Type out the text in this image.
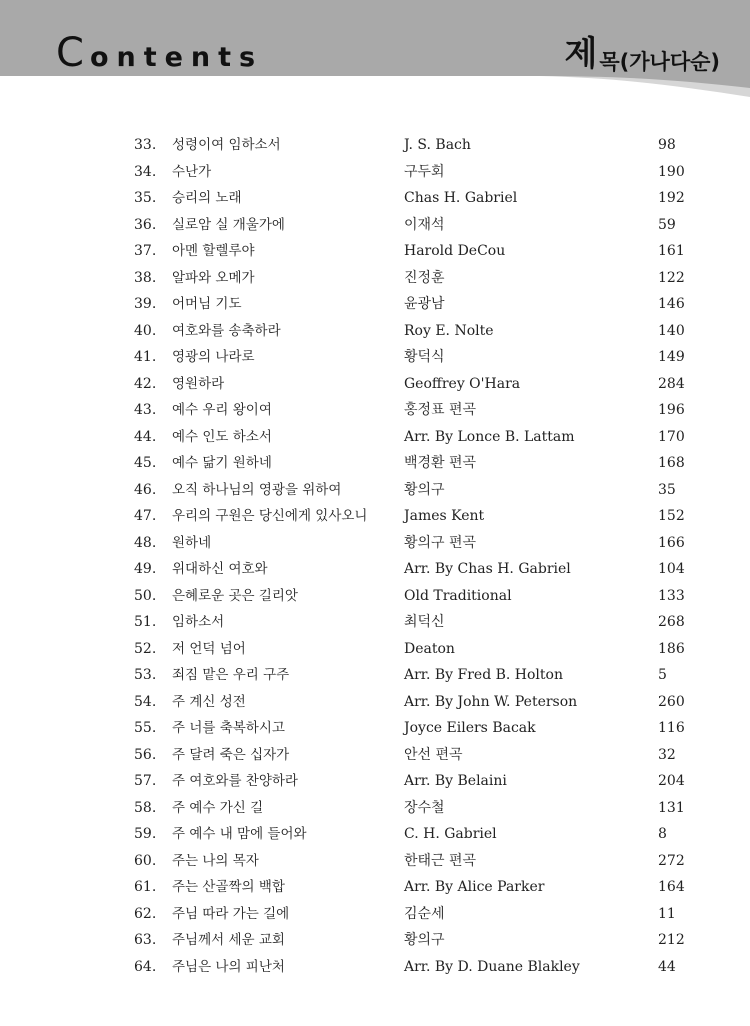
C ontents	제목(가나다순)
33. 성령이여 임하소서	J. S. Bach	98
34. 수난가	구두회	190
35. 승리의 노래	Chas H. Gabriel	192
36. 실로암 실 개울가에	이재석	59
37. 아멘 할렐루야	Harold DeCou	161
38. 알파와 오메가	진정훈	122
39. 어머님 기도	윤광남	146
40. 여호와를 송축하라	Roy E. Nolte	140
41. 영광의 나라로	황덕식	149
42. 영원하라	Geoffrey O'Hara	284
43. 예수 우리 왕이여	홍정표 편곡	196
44. 예수 인도 하소서	Arr. By Lonce B. Lattam	170
45. 예수 닮기 원하네	백경환 편곡	168
46. 오직 하나님의 영광을 위하여	황의구	35
47. 우리의 구원은 당신에게 있사오니	James Kent	152
48. 원하네	황의구 편곡	166
49. 위대하신 여호와	Arr. By Chas H. Gabriel	104
50. 은혜로운 곳은 길리앗	Old Traditional	133
51. 임하소서	최덕신	268
52. 저 언덕 넘어	Deaton	186
53. 죄짐 맡은 우리 구주	Arr. By Fred B. Holton	5
54. 주 계신 성전	Arr. By John W. Peterson	260
55. 주 너를 축복하시고	Joyce Eilers Bacak	116
56. 주 달려 죽은 십자가	안선 편곡	32
57. 주 여호와를 찬양하라	Arr. By Belaini	204
58. 주 예수 가신 길	장수철	131
59. 주 예수 내 맘에 들어와	C. H. Gabriel	8
60. 주는 나의 목자	한태근 편곡	272
61. 주는 산골짝의 백합	Arr. By Alice Parker	164
62. 주님 따라 가는 길에	김순세	11
63. 주님께서 세운 교회	황의구	212
64. 주님은 나의 피난처	Arr. By D. Duane Blakley	44
